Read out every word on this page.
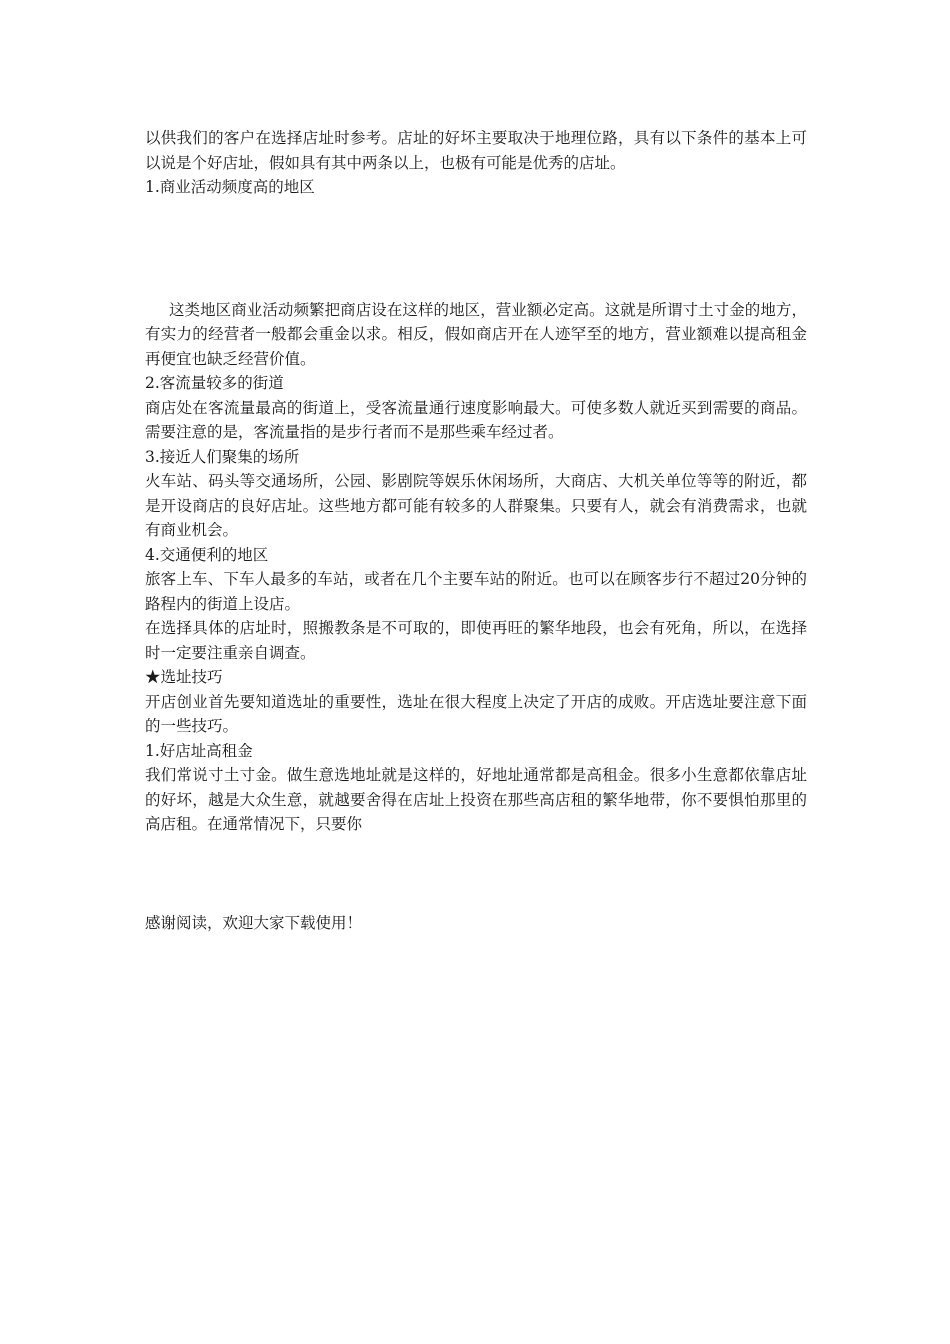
以供我们的客户在选择店址时参考。店址的好坏主要取决于地理位路，具有以下条件的基本上可以说是个好店址，假如具有其中两条以上，也极有可能是优秀的店址。

1.商业活动频度高的地区

这类地区商业活动频繁把商店设在这样的地区，营业额必定高。这就是所谓寸土寸金的地方，有实力的经营者一般都会重金以求。相反，假如商店开在人迹罕至的地方，营业额难以提高租金再便宜也缺乏经营价值。

2.客流量较多的街道

商店处在客流量最高的街道上，受客流量通行速度影响最大。可使多数人就近买到需要的商品。需要注意的是，客流量指的是步行者而不是那些乘车经过者。

3.接近人们聚集的场所

火车站、码头等交通场所，公园、影剧院等娱乐休闲场所，大商店、大机关单位等等的附近，都是开设商店的良好店址。这些地方都可能有较多的人群聚集。只要有人，就会有消费需求，也就有商业机会。

4.交通便利的地区

旅客上车、下车人最多的车站，或者在几个主要车站的附近。也可以在顾客步行不超过20分钟的路程内的街道上设店。

在选择具体的店址时，照搬教条是不可取的，即使再旺的繁华地段，也会有死角，所以，在选择时一定要注重亲自调查。

★选址技巧

开店创业首先要知道选址的重要性，选址在很大程度上决定了开店的成败。开店选址要注意下面的一些技巧。

1.好店址高租金

我们常说寸土寸金。做生意选地址就是这样的，好地址通常都是高租金。很多小生意都依靠店址的好坏，越是大众生意，就越要舍得在店址上投资在那些高店租的繁华地带，你不要惧怕那里的高店租。在通常情况下，只要你

感谢阅读，欢迎大家下载使用！
